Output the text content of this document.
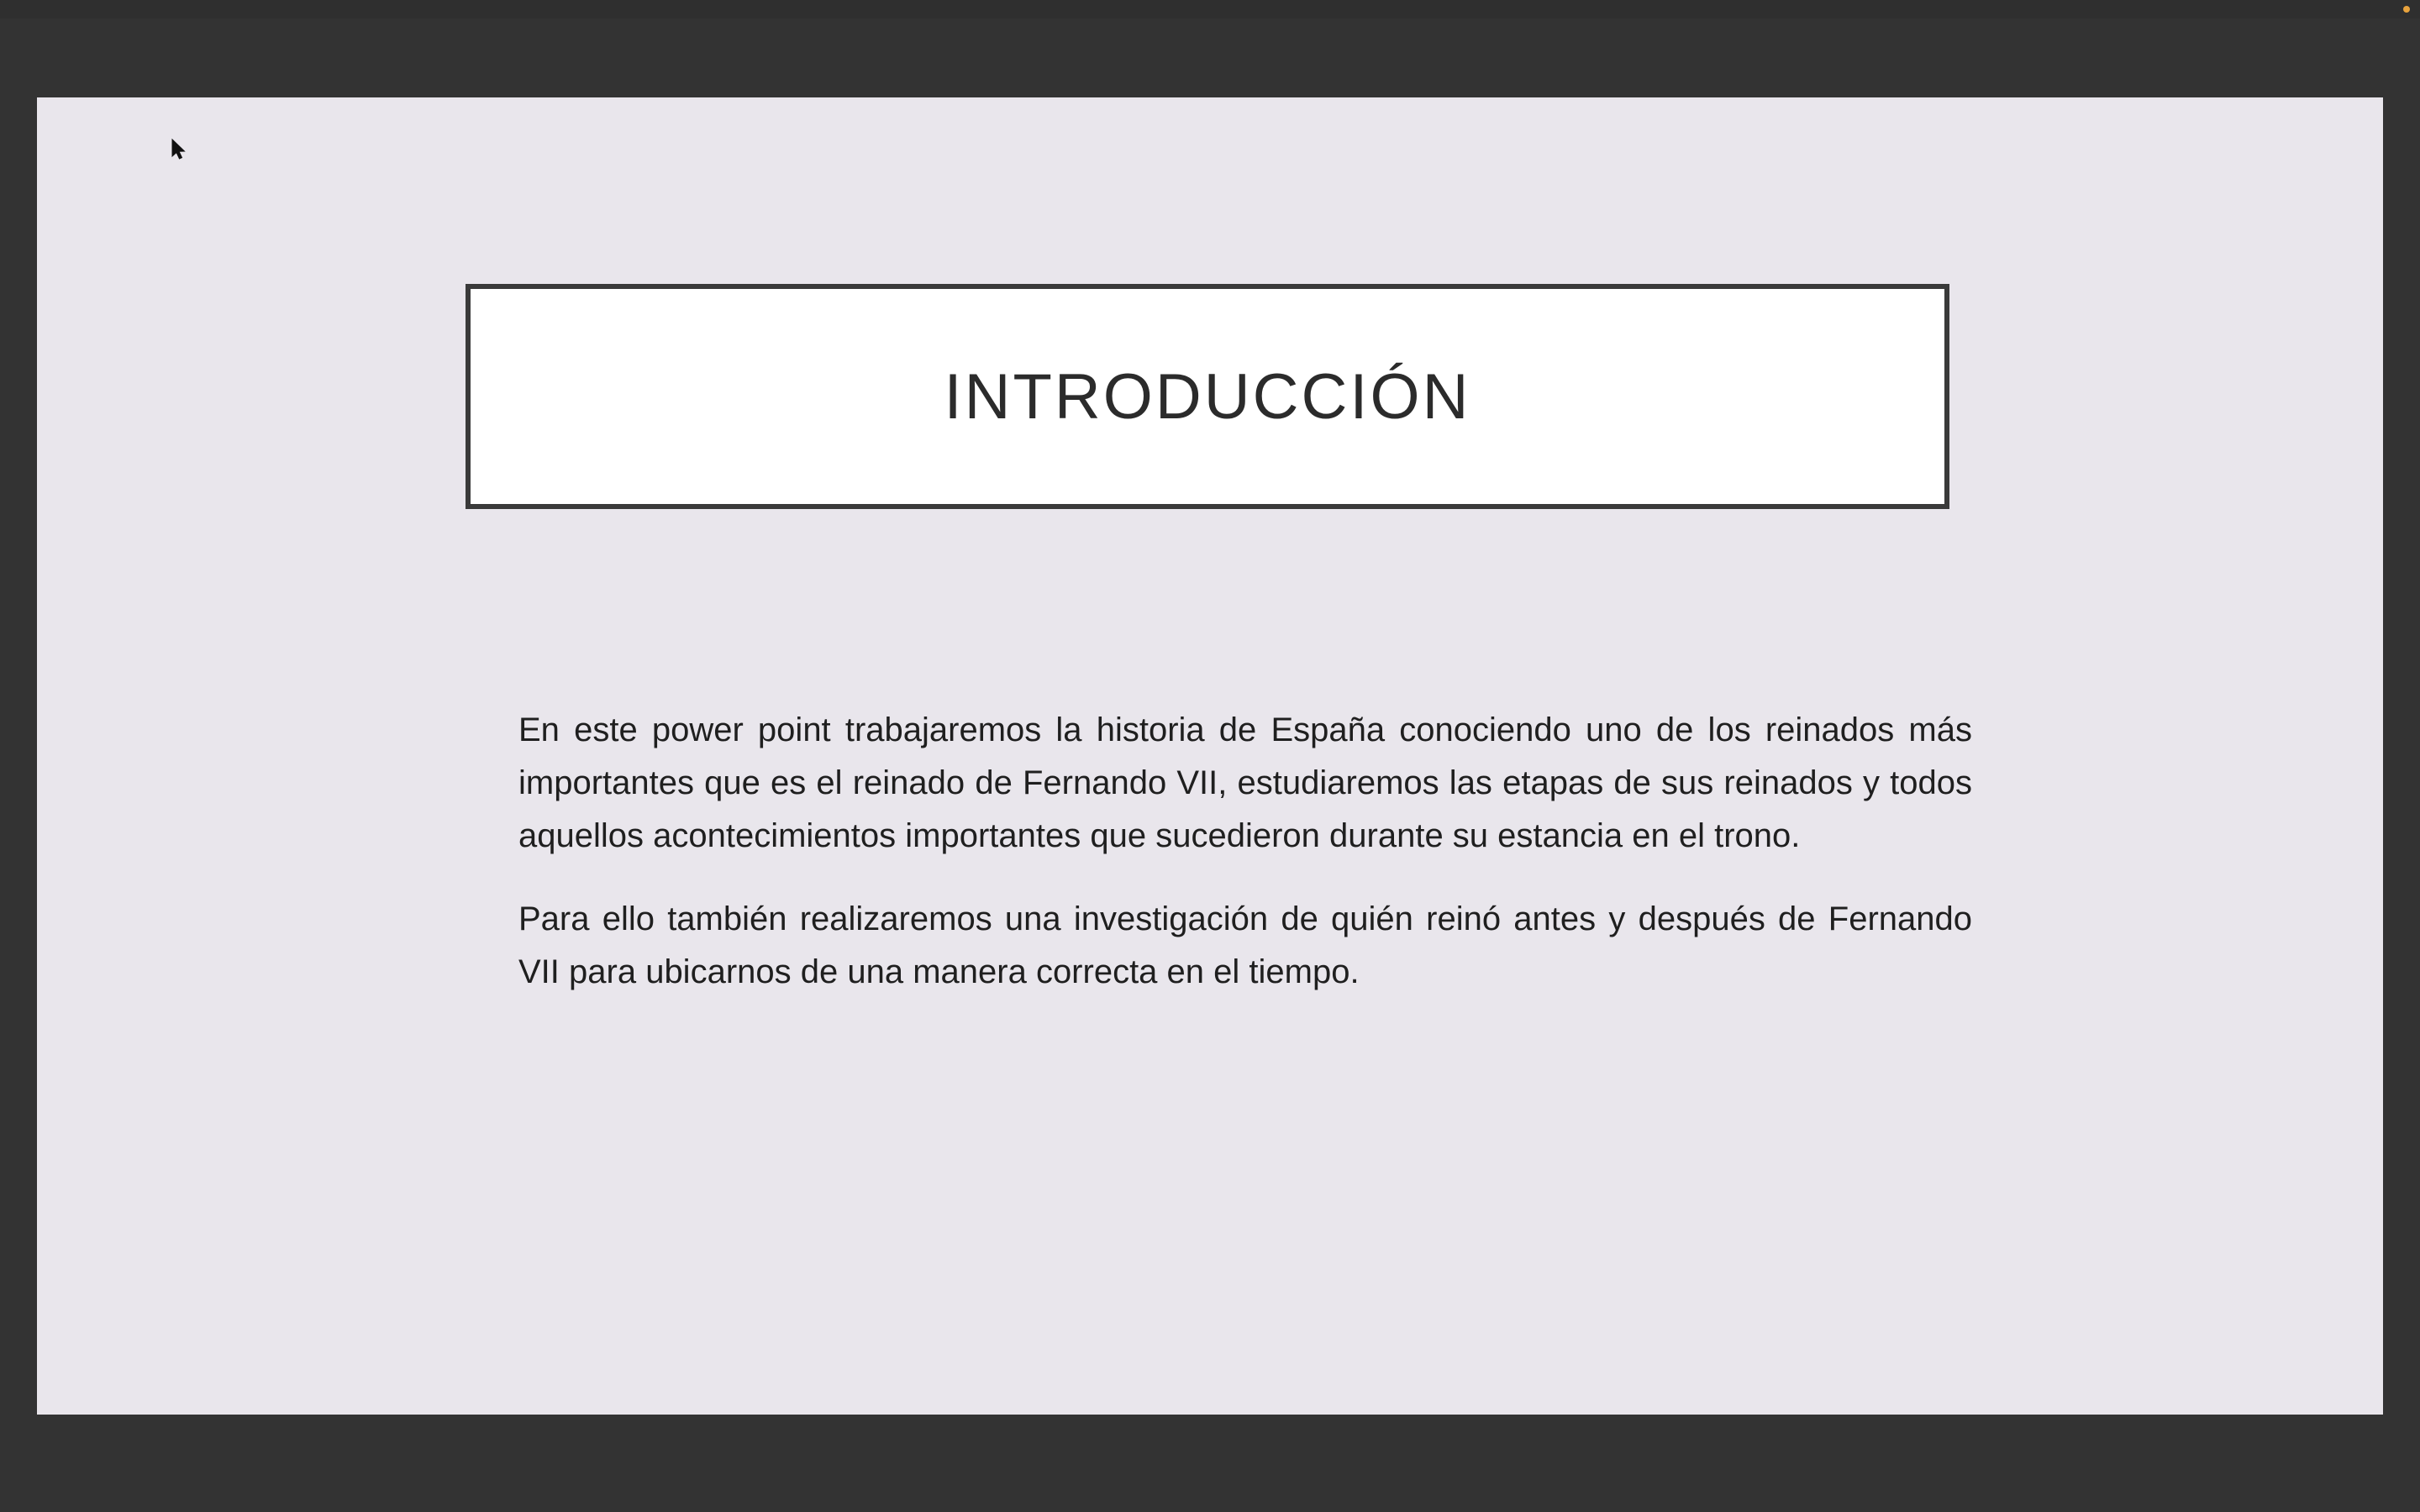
INTRODUCCIÓN

En este power point trabajaremos la historia de España conociendo uno de los reinados más importantes que es el reinado de Fernando VII, estudiaremos las etapas de sus reinados y todos aquellos acontecimientos importantes que sucedieron durante su estancia en el trono.

Para ello también realizaremos una investigación de quién reinó antes y después de Fernando VII para ubicarnos de una manera correcta en el tiempo.
